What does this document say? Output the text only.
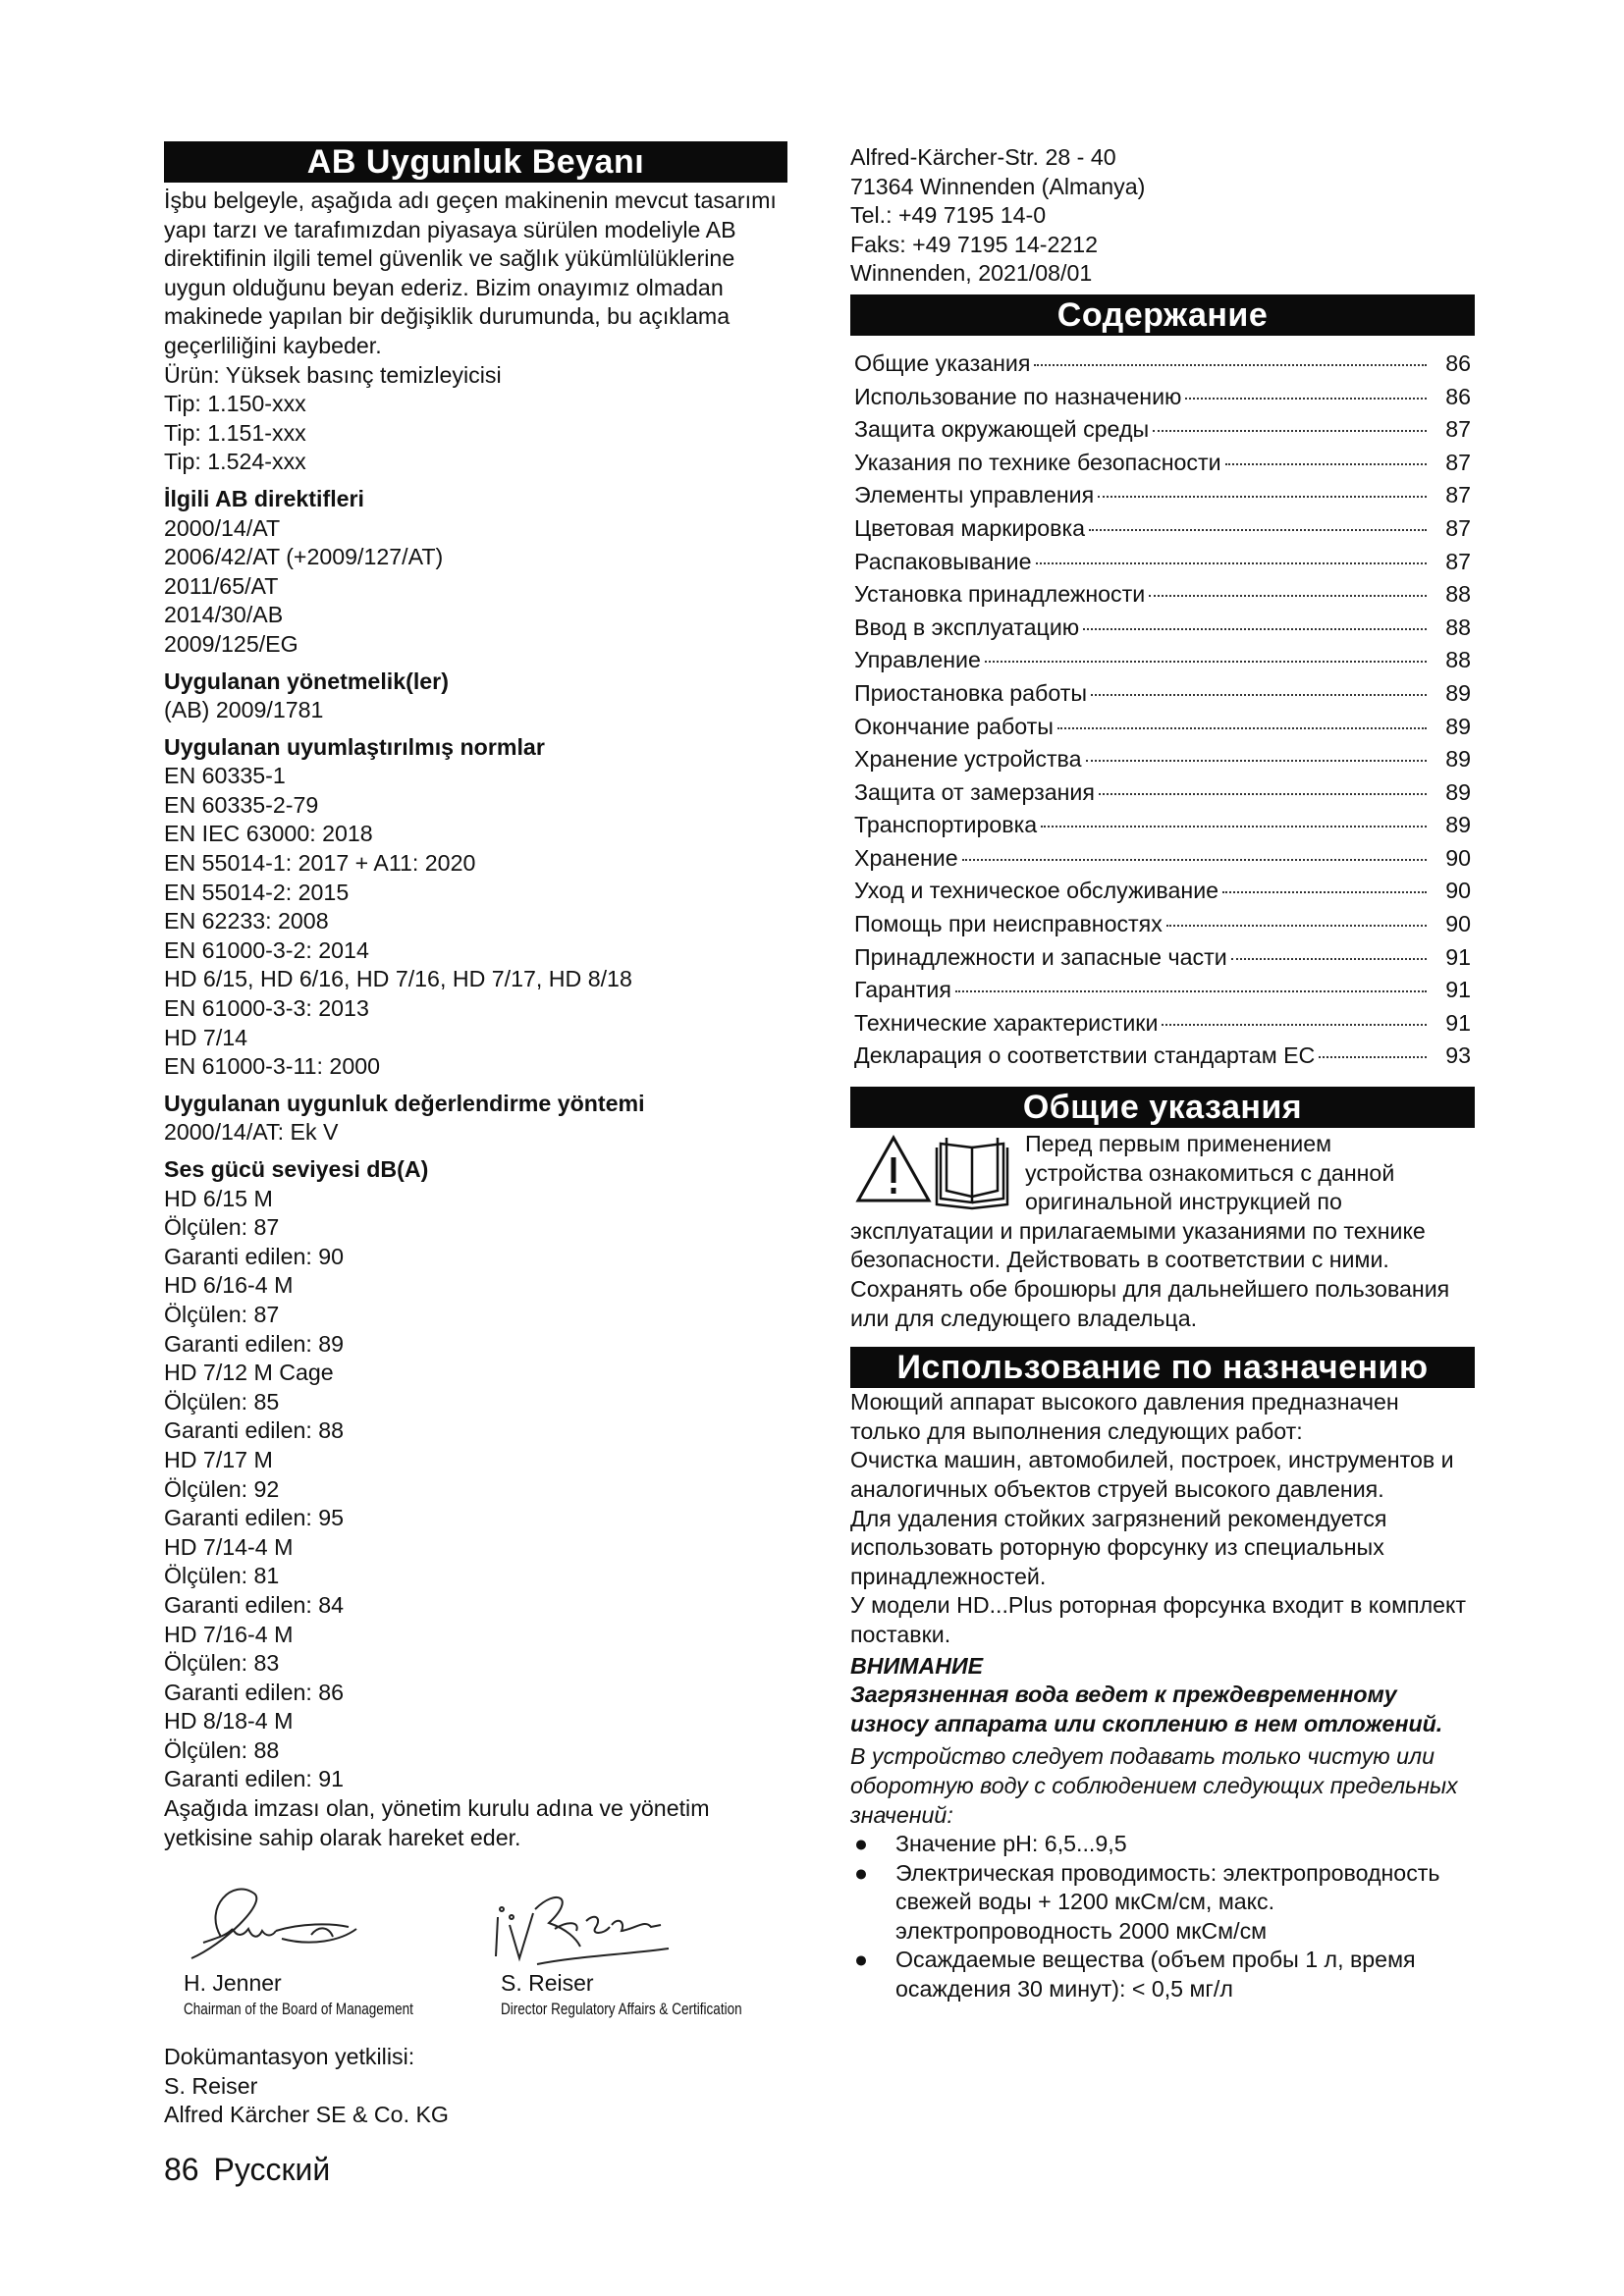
AB Uygunluk Beyanı

İşbu belgeyle, aşağıda adı geçen makinenin mevcut tasarımı yapı tarzı ve tarafımızdan piyasaya sürülen modeliyle AB direktifinin ilgili temel güvenlik ve sağlık yükümlülüklerine uygun olduğunu beyan ederiz. Bizim onayımız olmadan makinede yapılan bir değişiklik durumunda, bu açıklama geçerliliğini kaybeder.

Ürün: Yüksek basınç temizleyicisi
Tip: 1.150-xxx
Tip: 1.151-xxx
Tip: 1.524-xxx
İlgili AB direktifleri
2000/14/AT
2006/42/AT (+2009/127/AT)
2011/65/AT
2014/30/AB
2009/125/EG
Uygulanan yönetmelik(ler)
(AB) 2009/1781
Uygulanan uyumlaştırılmış normlar
EN 60335-1
EN 60335-2-79
EN IEC 63000: 2018
EN 55014-1: 2017 + A11: 2020
EN 55014-2: 2015
EN 62233: 2008
EN 61000-3-2: 2014
HD 6/15, HD 6/16, HD 7/16, HD 7/17, HD 8/18
EN 61000-3-3: 2013
HD 7/14
EN 61000-3-11: 2000
Uygulanan uygunluk değerlendirme yöntemi
2000/14/AT: Ek V
Ses gücü seviyesi dB(A)
HD 6/15 M
Ölçülen: 87
Garanti edilen: 90
HD 6/16-4 M
Ölçülen: 87
Garanti edilen: 89
HD 7/12 M Cage
Ölçülen: 85
Garanti edilen: 88
HD 7/17 M
Ölçülen: 92
Garanti edilen: 95
HD 7/14-4 M
Ölçülen: 81
Garanti edilen: 84
HD 7/16-4 M
Ölçülen: 83
Garanti edilen: 86
HD 8/18-4 M
Ölçülen: 88
Garanti edilen: 91

Aşağıda imzası olan, yönetim kurulu adına ve yönetim yetkisine sahip olarak hareket eder.

H. Jenner
Chairman of the Board of Management
S. Reiser
Director Regulatory Affairs & Certification
Dokümantasyon yetkilisi:
S. Reiser
Alfred Kärcher SE & Co. KG
Alfred-Kärcher-Str. 28 - 40
71364 Winnenden (Almanya)
Tel.: +49 7195 14-0
Faks: +49 7195 14-2212
Winnenden, 2021/08/01
Содержание
Общие указания	86
Использование по назначению	86
Защита окружающей среды	87
Указания по технике безопасности	87
Элементы управления	87
Цветовая маркировка	87
Распаковывание	87
Установка принадлежности	88
Ввод в эксплуатацию	88
Управление	88
Приостановка работы	89
Окончание работы	89
Хранение устройства	89
Защита от замерзания	89
Транспортировка	89
Хранение	90
Уход и техническое обслуживание	90
Помощь при неисправностях	90
Принадлежности и запасные части	91
Гарантия	91
Технические характеристики	91
Декларация о соответствии стандартам ЕС	93
Общие указания
Перед первым применением
устройства ознакомиться с данной
оригинальной инструкцией по

эксплуатации и прилагаемыми указаниями по технике безопасности. Действовать в соответствии с ними.

Сохранять обе брошюры для дальнейшего пользования или для следующего владельца.

Использование по назначению

Моющий аппарат высокого давления предназначен только для выполнения следующих работ:

Очистка машин, автомобилей, построек, инструментов и аналогичных объектов струей высокого давления.

Для удаления стойких загрязнений рекомендуется использовать роторную форсунку из специальных принадлежностей.

У модели HD...Plus роторная форсунка входит в комплект поставки.

ВНИМАНИЕ

Загрязненная вода ведет к преждевременному износу аппарата или скоплению в нем отложений.

В устройство следует подавать только чистую или оборотную воду с соблюдением следующих предельных значений:

●	Значение pH: 6,5...9,5
●	Электрическая проводимость: электропроводность свежей воды + 1200 мкСм/см, макс. электропроводность 2000 мкСм/см
●	Осаждаемые вещества (объем пробы 1 л, время осаждения 30 минут): < 0,5 мг/л
86 Русский
